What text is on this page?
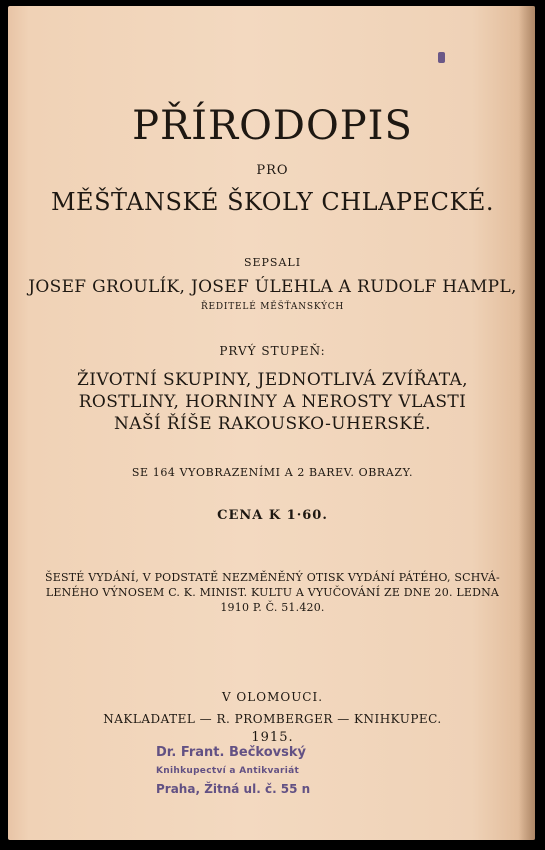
PŘÍRODOPIS
PRO
MĚŠŤANSKÉ ŠKOLY CHLAPECKÉ.
SEPSALI
JOSEF GROULÍK, JOSEF ÚLEHLA A RUDOLF HAMPL,
ŘEDITELÉ MĚŠŤANSKÝCH
PRVÝ STUPEŇ:
ŽIVOTNÍ SKUPINY, JEDNOTLIVÁ ZVÍŘATA,
ROSTLINY, HORNINY A NEROSTY VLASTI
NAŠÍ ŘÍŠE RAKOUSKO-UHERSKÉ.
SE 164 VYOBRAZENÍMI A 2 BAREV. OBRAZY.
CENA K 1·60.
ŠESTÉ VYDÁNÍ, V PODSTATĚ NEZMĚNĚNÝ OTISK VYDÁNÍ PÁTÉHO, SCHVÁ-
LENÉHO VÝNOSEM C. K. MINIST. KULTU A VYUČOVÁNÍ ZE DNE 20. LEDNA
1910 P. Č. 51.420.
V OLOMOUCI.
NAKLADATEL — R. PROMBERGER — KNIHKUPEC.
1915.
Dr. Frant. Bečkovský
Knihkupectví a Antikvariát
Praha, Žitná ul. č. 55 n
